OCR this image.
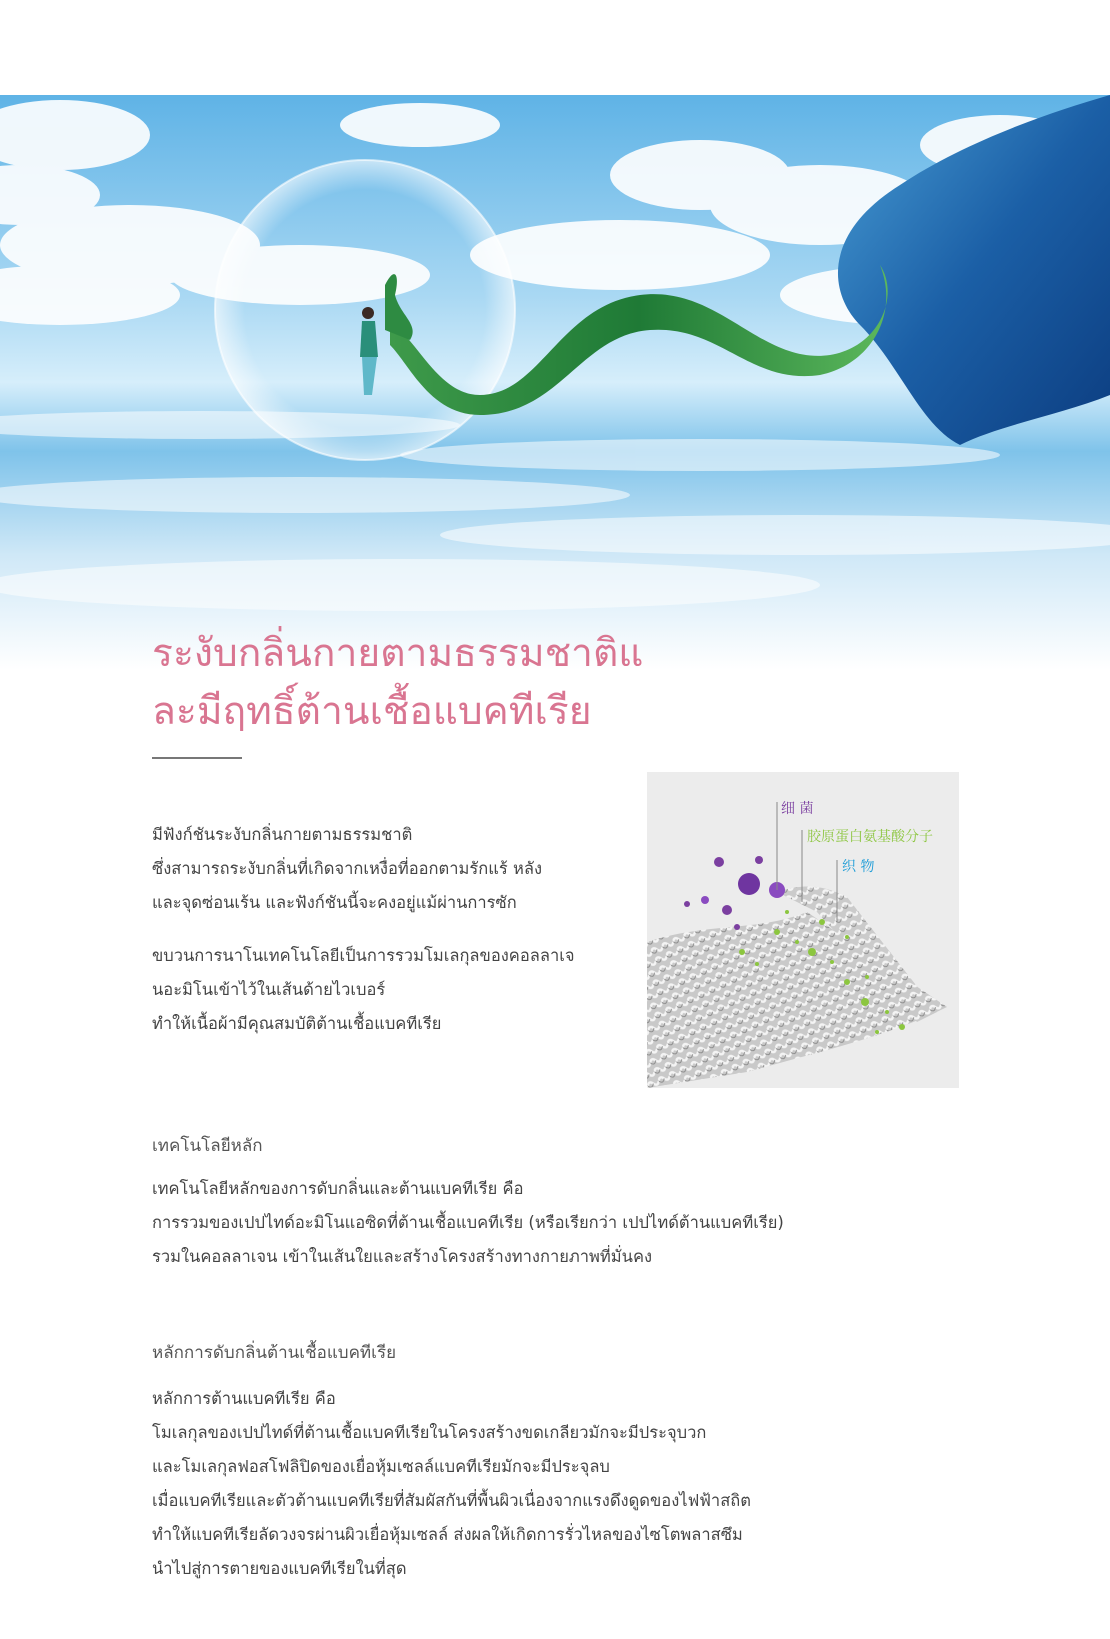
ระงับกลิ่นกายตามธรรมชาติแ
ละมีฤทธิ์ต้านเชื้อแบคทีเรีย

มีฟังก์ชันระงับกลิ่นกายตามธรรมชาติ
ซึ่งสามารถระงับกลิ่นที่เกิดจากเหงื่อที่ออกตามรักแร้ หลัง
และจุดซ่อนเร้น และฟังก์ชันนี้จะคงอยู่แม้ผ่านการซัก

ขบวนการนาโนเทคโนโลยีเป็นการรวมโมเลกุลของคอลลาเจ
นอะมิโนเข้าไว้ในเส้นด้ายไวเบอร์
ทำให้เนื้อผ้ามีคุณสมบัติต้านเชื้อแบคทีเรีย

细 菌
胶原蛋白氨基酸分子
织 物
เทคโนโลยีหลัก

เทคโนโลยีหลักของการดับกลิ่นและต้านแบคทีเรีย คือ
การรวมของเปปไทด์อะมิโนแอซิดที่ต้านเชื้อแบคทีเรีย (หรือเรียกว่า เปปไทด์ต้านแบคทีเรีย)
รวมในคอลลาเจน เข้าในเส้นใยและสร้างโครงสร้างทางกายภาพที่มั่นคง

หลักการดับกลิ่นต้านเชื้อแบคทีเรีย

หลักการต้านแบคทีเรีย คือ
โมเลกุลของเปปไทด์ที่ต้านเชื้อแบคทีเรียในโครงสร้างขดเกลียวมักจะมีประจุบวก
และโมเลกุลฟอสโฟลิปิดของเยื่อหุ้มเซลล์แบคทีเรียมักจะมีประจุลบ
เมื่อแบคทีเรียและตัวต้านแบคทีเรียที่สัมผัสกันที่พื้นผิวเนื่องจากแรงดึงดูดของไฟฟ้าสถิต
ทำให้แบคทีเรียลัดวงจรผ่านผิวเยื่อหุ้มเซลล์ ส่งผลให้เกิดการรั่วไหลของไซโตพลาสซึม
นำไปสู่การตายของแบคทีเรียในที่สุด
